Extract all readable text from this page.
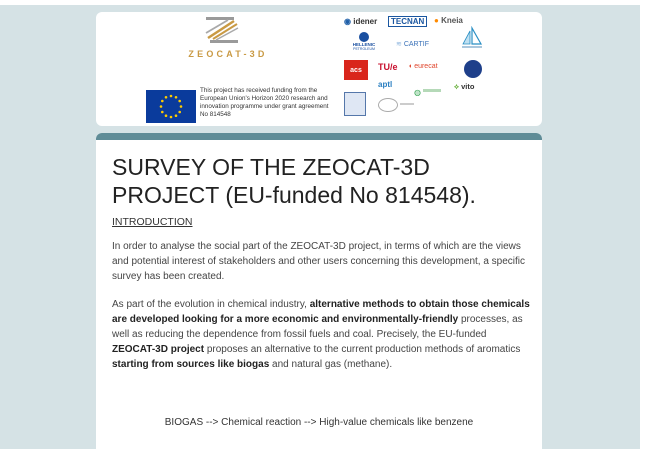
ZEOCAT-3D
This project has received funding from the European Union's Horizon 2020 research and innovation programme under grant agreement No 814548
◉ idener	TECNAN	● Kneia
HELLENIC
PETROLEUM
≋ CARTIF
acs	TU/e ◖ eurecat
aptl
◍
⟡ vito
SURVEY OF THE ZEOCAT-3D PROJECT (EU-funded No 814548).
INTRODUCTION

In order to analyse the social part of the ZEOCAT-3D project, in terms of which are the views and potential interest of stakeholders and other users concerning this development, a specific survey has been created.

As part of the evolution in chemical industry, alternative methods to obtain those chemicals are developed looking for a more economic and environmentally-friendly processes, as well as reducing the dependence from fossil fuels and coal. Precisely, the EU-funded ZEOCAT-3D project proposes an alternative to the current production methods of aromatics starting from sources like biogas and natural gas (methane).

BIOGAS --> Chemical reaction --> High-value chemicals like benzene
